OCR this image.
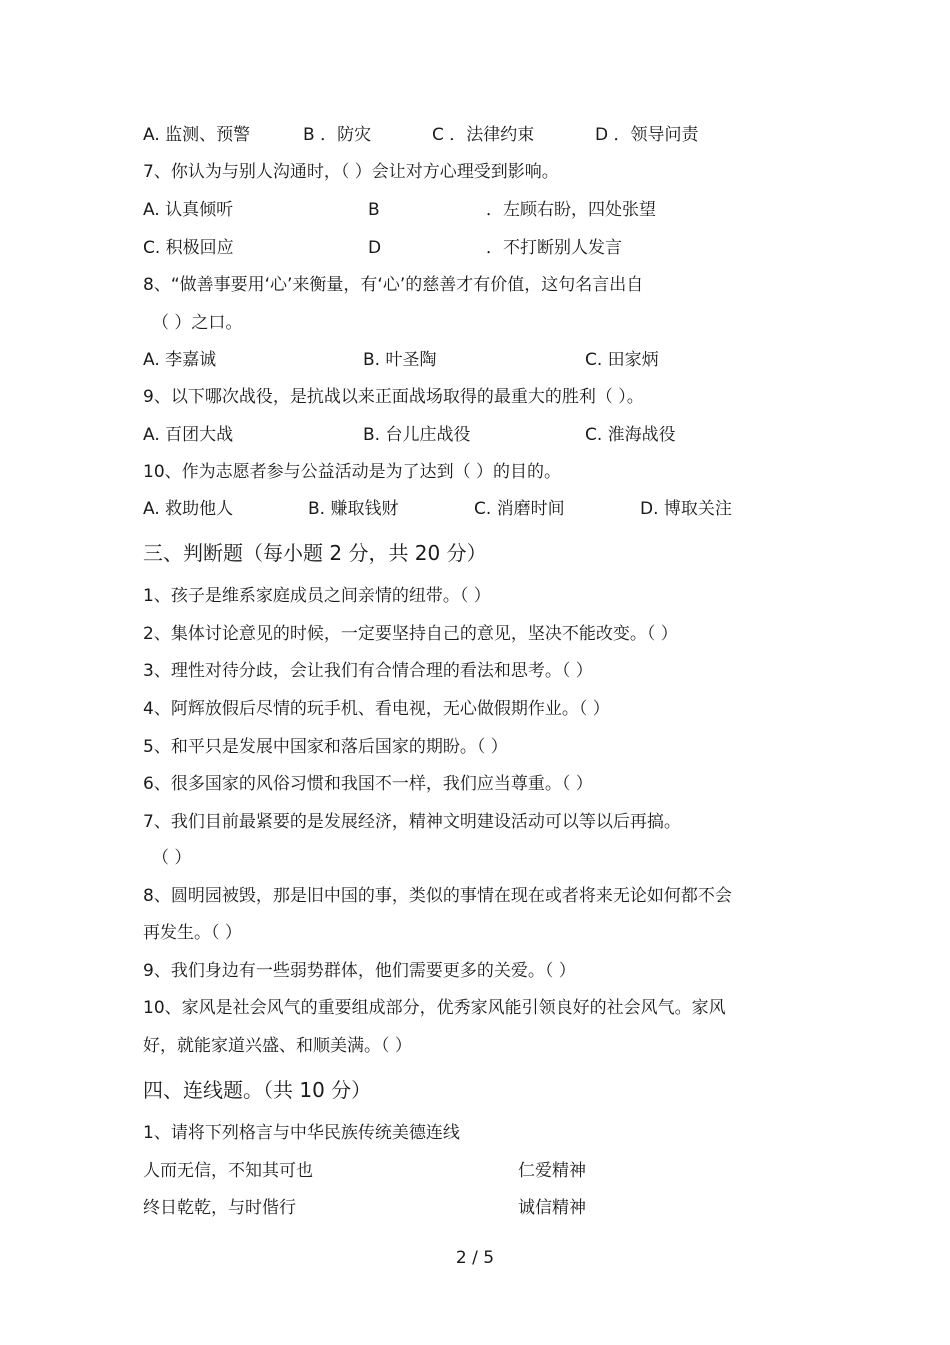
A. 监测、预警	B ．防灾	C ．法律约束	D ．领导问责
7、你认为与别人沟通时，（ ）会让对方心理受到影响。
A. 认真倾听	B	．左顾右盼，四处张望
C. 积极回应	D	．不打断别人发言
8、“做善事要用‘心’来衡量，有‘心’的慈善才有价值，这句名言出自
（ ）之口。
A. 李嘉诚	B. 叶圣陶	C. 田家炳
9、以下哪次战役，是抗战以来正面战场取得的最重大的胜利（ ）。
A. 百团大战	B. 台儿庄战役	C. 淮海战役
10、作为志愿者参与公益活动是为了达到（ ）的目的。
A. 救助他人	B. 赚取钱财	C. 消磨时间	D. 博取关注
三、判断题（每小题 2 分，共 20 分）
1、孩子是维系家庭成员之间亲情的纽带。（ ）
2、集体讨论意见的时候，一定要坚持自己的意见，坚决不能改变。（ ）
3、理性对待分歧，会让我们有合情合理的看法和思考。（ ）
4、阿辉放假后尽情的玩手机、看电视，无心做假期作业。（ ）
5、和平只是发展中国家和落后国家的期盼。（ ）
6、很多国家的风俗习惯和我国不一样，我们应当尊重。（ ）
7、我们目前最紧要的是发展经济，精神文明建设活动可以等以后再搞。
（ ）
8、圆明园被毁，那是旧中国的事，类似的事情在现在或者将来无论如何都不会
再发生。（ ）
9、我们身边有一些弱势群体，他们需要更多的关爱。（ ）
10、家风是社会风气的重要组成部分，优秀家风能引领良好的社会风气。家风
好，就能家道兴盛、和顺美满。（ ）
四、连线题。（共 10 分）
1、请将下列格言与中华民族传统美德连线
人而无信，不知其可也	仁爱精神
终日乾乾，与时偕行	诚信精神
2 / 5
